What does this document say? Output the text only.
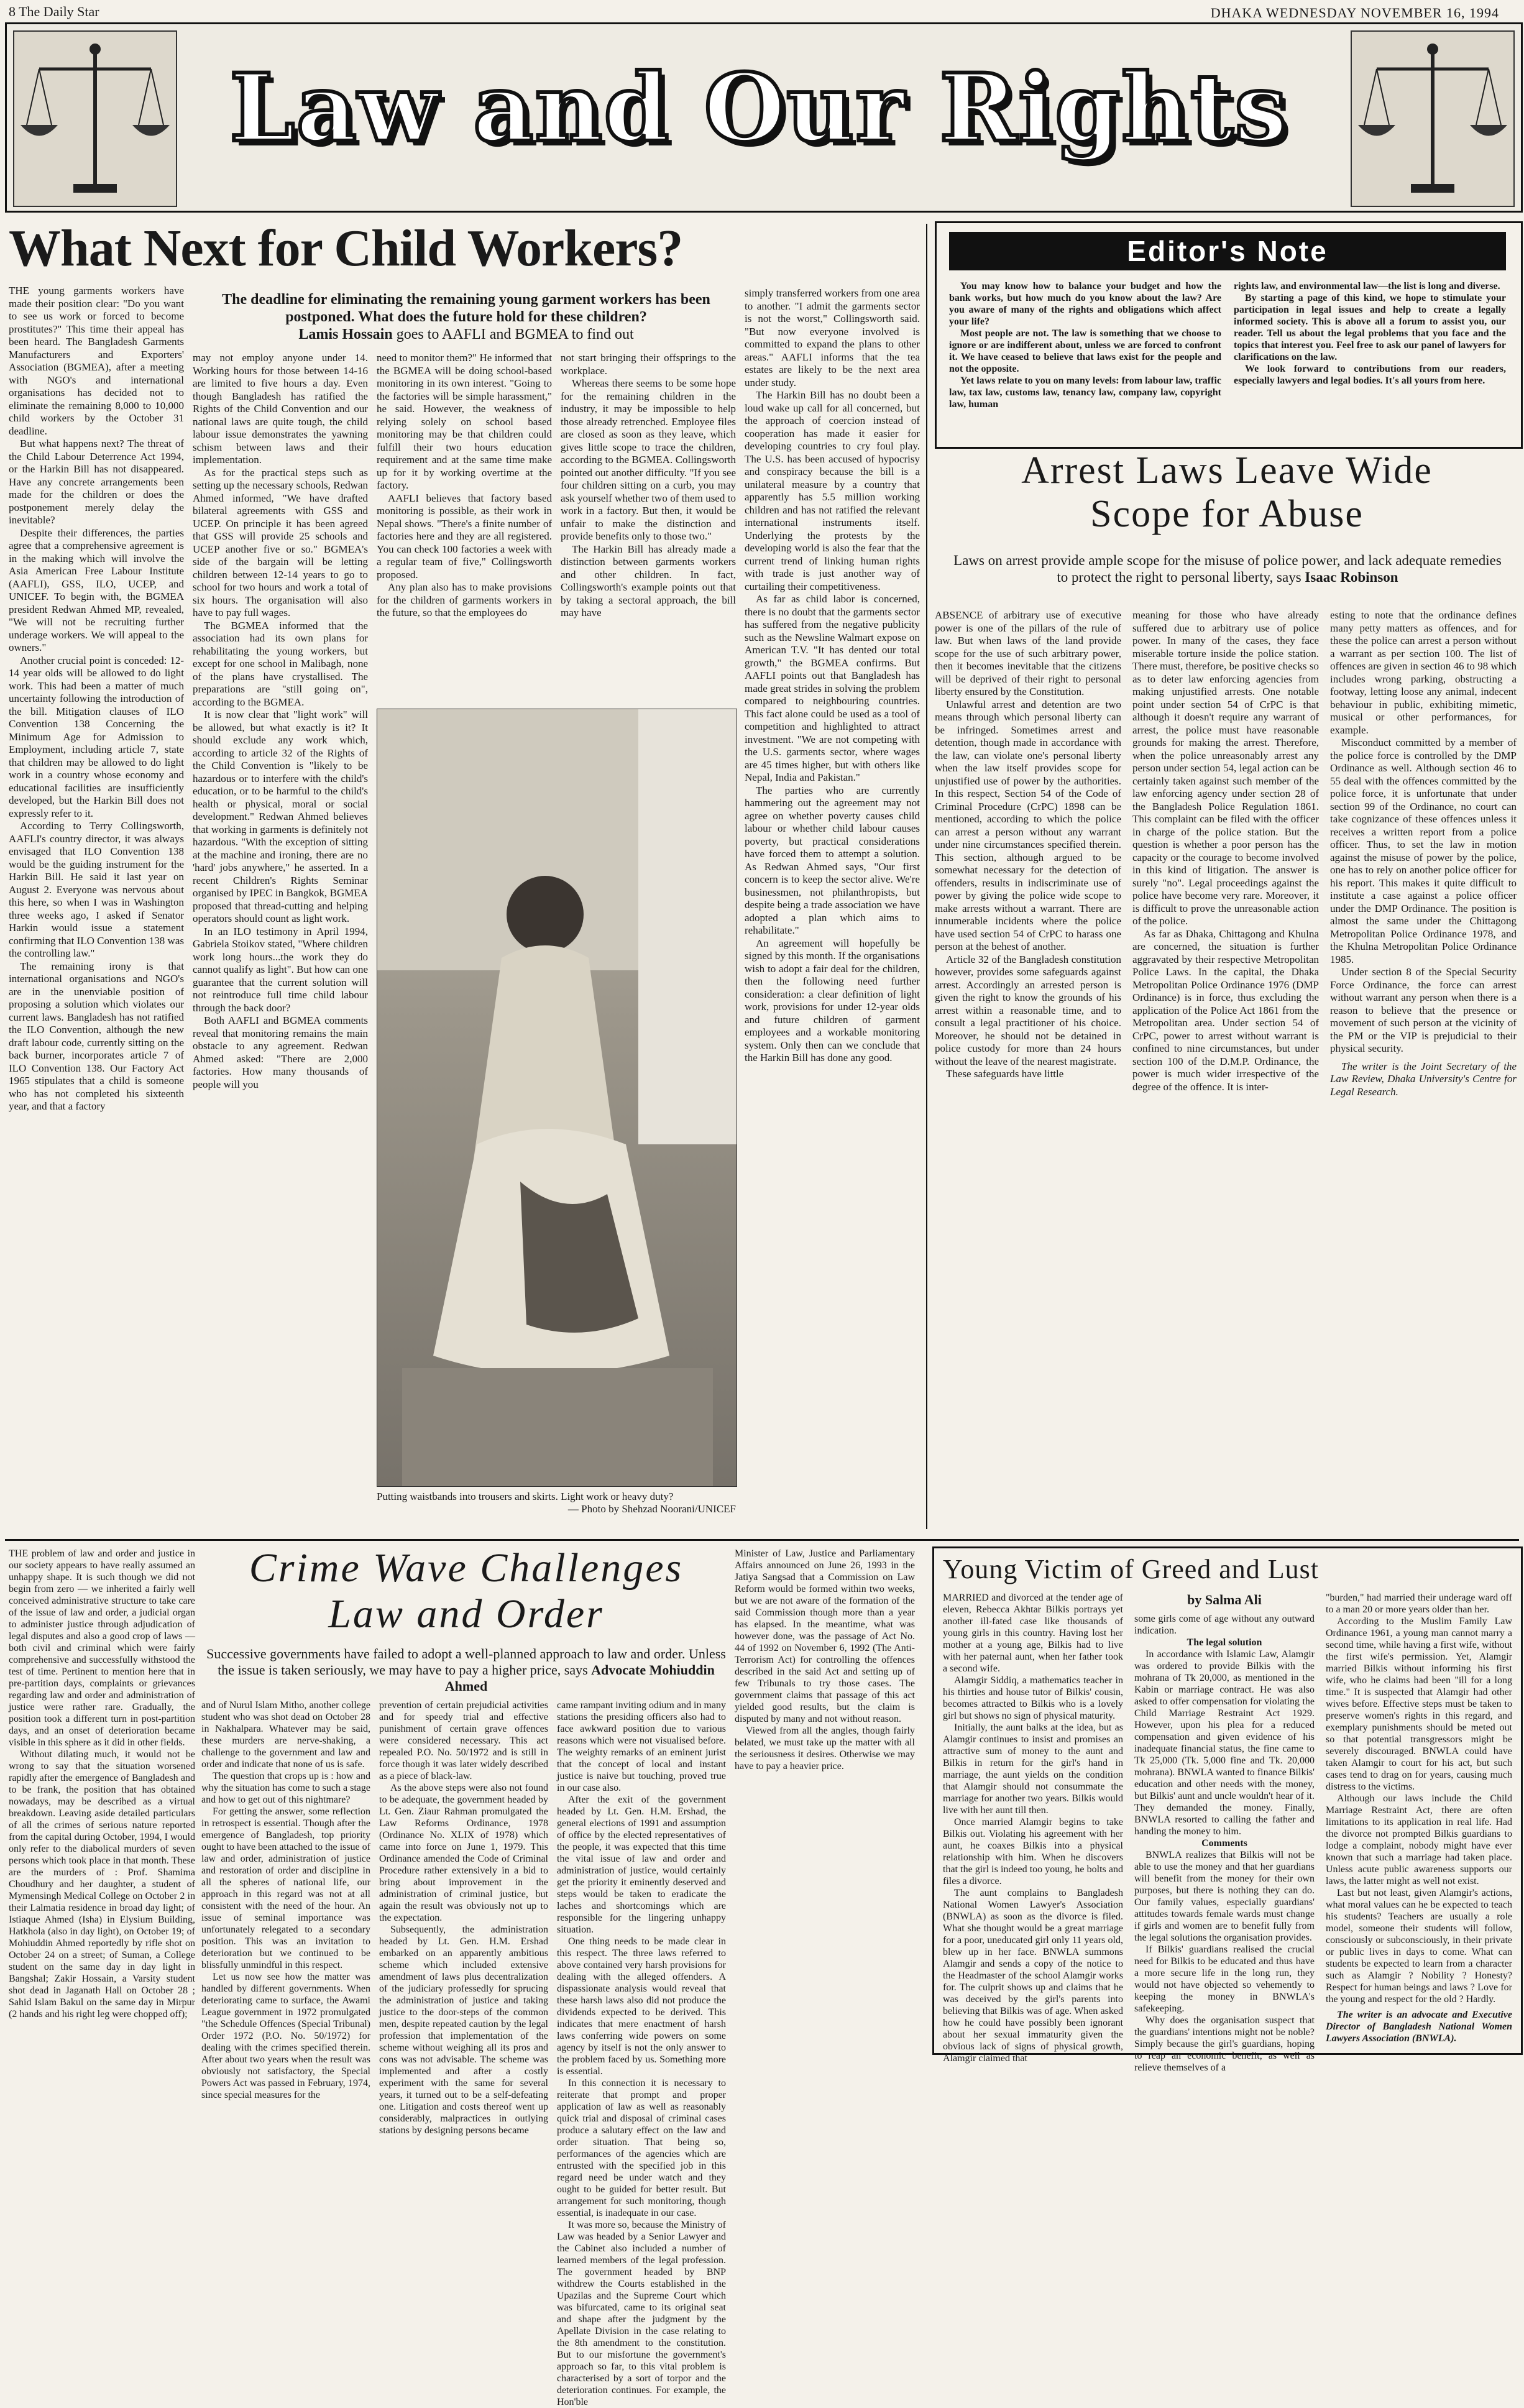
8 The Daily Star	DHAKA WEDNESDAY NOVEMBER 16, 1994
Law and Our Rights
What Next for Child Workers?

THE young garments workers have made their position clear: "Do you want to see us work or forced to become prostitutes?" This time their appeal has been heard. The Bangladesh Garments Manufacturers and Exporters' Association (BGMEA), after a meeting with NGO's and international organisations has decided not to eliminate the remaining 8,000 to 10,000 child workers by the October 31 deadline.

But what happens next? The threat of the Child Labour Deterrence Act 1994, or the Harkin Bill has not disappeared. Have any concrete arrangements been made for the children or does the postponement merely delay the inevitable?

Despite their differences, the parties agree that a comprehensive agreement is in the making which will involve the Asia American Free Labour Institute (AAFLI), GSS, ILO, UCEP, and UNICEF. To begin with, the BGMEA president Redwan Ahmed MP, revealed, "We will not be recruiting further underage workers. We will appeal to the owners."

Another crucial point is conceded: 12-14 year olds will be allowed to do light work. This had been a matter of much uncertainty following the introduction of the bill. Mitigation clauses of ILO Convention 138 Concerning the Minimum Age for Admission to Employment, including article 7, state that children may be allowed to do light work in a country whose economy and educational facilities are insufficiently developed, but the Harkin Bill does not expressly refer to it.

According to Terry Collingsworth, AAFLI's country director, it was always envisaged that ILO Convention 138 would be the guiding instrument for the Harkin Bill. He said it last year on August 2. Everyone was nervous about this here, so when I was in Washington three weeks ago, I asked if Senator Harkin would issue a statement confirming that ILO Convention 138 was the controlling law."

The remaining irony is that international organisations and NGO's are in the unenviable position of proposing a solution which violates our current laws. Bangladesh has not ratified the ILO Convention, although the new draft labour code, currently sitting on the back burner, incorporates article 7 of ILO Convention 138. Our Factory Act 1965 stipulates that a child is someone who has not completed his sixteenth year, and that a factory

The deadline for eliminating the remaining young garment workers has been postponed. What does the future hold for these children?
Lamis Hossain goes to AAFLI and BGMEA to find out

may not employ anyone under 14. Working hours for those between 14-16 are limited to five hours a day. Even though Bangladesh has ratified the Rights of the Child Convention and our national laws are quite tough, the child labour issue demonstrates the yawning schism between laws and their implementation.

As for the practical steps such as setting up the necessary schools, Redwan Ahmed informed, "We have drafted bilateral agreements with GSS and UCEP. On principle it has been agreed that GSS will provide 25 schools and UCEP another five or so." BGMEA's side of the bargain will be letting children between 12-14 years to go to school for two hours and work a total of six hours. The organisation will also have to pay full wages.

The BGMEA informed that the association had its own plans for rehabilitating the young workers, but except for one school in Malibagh, none of the plans have crystallised. The preparations are "still going on", according to the BGMEA.

It is now clear that "light work" will be allowed, but what exactly is it? It should exclude any work which, according to article 32 of the Rights of the Child Convention is "likely to be hazardous or to interfere with the child's education, or to be harmful to the child's health or physical, moral or social development." Redwan Ahmed believes that working in garments is definitely not hazardous. "With the exception of sitting at the machine and ironing, there are no 'hard' jobs anywhere," he asserted. In a recent Children's Rights Seminar organised by IPEC in Bangkok, BGMEA proposed that thread-cutting and helping operators should count as light work.

In an ILO testimony in April 1994, Gabriela Stoikov stated, "Where children work long hours...the work they do cannot qualify as light". But how can one guarantee that the current solution will not reintroduce full time child labour through the back door?

Both AAFLI and BGMEA comments reveal that monitoring remains the main obstacle to any agreement. Redwan Ahmed asked: "There are 2,000 factories. How many thousands of people will you

need to monitor them?" He informed that the BGMEA will be doing school-based monitoring in its own interest. "Going to the factories will be simple harassment," he said. However, the weakness of relying solely on school based monitoring may be that children could fulfill their two hours education requirement and at the same time make up for it by working overtime at the factory.

AAFLI believes that factory based monitoring is possible, as their work in Nepal shows. "There's a finite number of factories here and they are all registered. You can check 100 factories a week with a regular team of five," Collingsworth proposed.

Any plan also has to make provisions for the children of garments workers in the future, so that the employees do

not start bringing their offsprings to the workplace.

Whereas there seems to be some hope for the remaining children in the industry, it may be impossible to help those already retrenched. Employee files are closed as soon as they leave, which gives little scope to trace the children, according to the BGMEA. Collingsworth pointed out another difficulty. "If you see four children sitting on a curb, you may ask yourself whether two of them used to work in a factory. But then, it would be unfair to make the distinction and provide benefits only to those two."

The Harkin Bill has already made a distinction between garments workers and other children. In fact, Collingsworth's example points out that by taking a sectoral approach, the bill may have

Putting waistbands into trousers and skirts. Light work or heavy duty?
— Photo by Shehzad Noorani/UNICEF

simply transferred workers from one area to another. "I admit the garments sector is not the worst," Collingsworth said. "But now everyone involved is committed to expand the plans to other areas." AAFLI informs that the tea estates are likely to be the next area under study.

The Harkin Bill has no doubt been a loud wake up call for all concerned, but the approach of coercion instead of cooperation has made it easier for developing countries to cry foul play. The U.S. has been accused of hypocrisy and conspiracy because the bill is a unilateral measure by a country that apparently has 5.5 million working children and has not ratified the relevant international instruments itself. Underlying the protests by the developing world is also the fear that the current trend of linking human rights with trade is just another way of curtailing their competitiveness.

As far as child labor is concerned, there is no doubt that the garments sector has suffered from the negative publicity such as the Newsline Walmart expose on American T.V. "It has dented our total growth," the BGMEA confirms. But AAFLI points out that Bangladesh has made great strides in solving the problem compared to neighbouring countries. This fact alone could be used as a tool of competition and highlighted to attract investment. "We are not competing with the U.S. garments sector, where wages are 45 times higher, but with others like Nepal, India and Pakistan."

The parties who are currently hammering out the agreement may not agree on whether poverty causes child labour or whether child labour causes poverty, but practical considerations have forced them to attempt a solution. As Redwan Ahmed says, "Our first concern is to keep the sector alive. We're businessmen, not philanthropists, but despite being a trade association we have adopted a plan which aims to rehabilitate."

An agreement will hopefully be signed by this month. If the organisations wish to adopt a fair deal for the children, then the following need further consideration: a clear definition of light work, provisions for under 12-year olds and future children of garment employees and a workable monitoring system. Only then can we conclude that the Harkin Bill has done any good.

Editor's Note

You may know how to balance your budget and how the bank works, but how much do you know about the law? Are you aware of many of the rights and obligations which affect your life?

Most people are not. The law is something that we choose to ignore or are indifferent about, unless we are forced to confront it. We have ceased to believe that laws exist for the people and not the opposite.

Yet laws relate to you on many levels: from labour law, traffic law, tax law, customs law, tenancy law, company law, copyright law, human

rights law, and environmental law—the list is long and diverse.

By starting a page of this kind, we hope to stimulate your participation in legal issues and help to create a legally informed society. This is above all a forum to assist you, our reader. Tell us about the legal problems that you face and the topics that interest you. Feel free to ask our panel of lawyers for clarifications on the law.

We look forward to contributions from our readers, especially lawyers and legal bodies. It's all yours from here.

Arrest Laws Leave Wide
Scope for Abuse
Laws on arrest provide ample scope for the misuse of police power, and lack adequate remedies to protect the right to personal liberty, says Isaac Robinson

ABSENCE of arbitrary use of executive power is one of the pillars of the rule of law. But when laws of the land provide scope for the use of such arbitrary power, then it becomes inevitable that the citizens will be deprived of their right to personal liberty ensured by the Constitution.

Unlawful arrest and detention are two means through which personal liberty can be infringed. Sometimes arrest and detention, though made in accordance with the law, can violate one's personal liberty when the law itself provides scope for unjustified use of power by the authorities. In this respect, Section 54 of the Code of Criminal Procedure (CrPC) 1898 can be mentioned, according to which the police can arrest a person without any warrant under nine circumstances specified therein. This section, although argued to be somewhat necessary for the detection of offenders, results in indiscriminate use of power by giving the police wide scope to make arrests without a warrant. There are innumerable incidents where the police have used section 54 of CrPC to harass one person at the behest of another.

Article 32 of the Bangladesh constitution however, provides some safeguards against arrest. Accordingly an arrested person is given the right to know the grounds of his arrest within a reasonable time, and to consult a legal practitioner of his choice. Moreover, he should not be detained in police custody for more than 24 hours without the leave of the nearest magistrate.

These safeguards have little

meaning for those who have already suffered due to arbitrary use of police power. In many of the cases, they face miserable torture inside the police station. There must, therefore, be positive checks so as to deter law enforcing agencies from making unjustified arrests. One notable point under section 54 of CrPC is that although it doesn't require any warrant of arrest, the police must have reasonable grounds for making the arrest. Therefore, when the police unreasonably arrest any person under section 54, legal action can be certainly taken against such member of the law enforcing agency under section 28 of the Bangladesh Police Regulation 1861. This complaint can be filed with the officer in charge of the police station. But the question is whether a poor person has the capacity or the courage to become involved in this kind of litigation. The answer is surely "no". Legal proceedings against the police have become very rare. Moreover, it is difficult to prove the unreasonable action of the police.

As far as Dhaka, Chittagong and Khulna are concerned, the situation is further aggravated by their respective Metropolitan Police Laws. In the capital, the Dhaka Metropolitan Police Ordinance 1976 (DMP Ordinance) is in force, thus excluding the application of the Police Act 1861 from the Metropolitan area. Under section 54 of CrPC, power to arrest without warrant is confined to nine circumstances, but under section 100 of the D.M.P. Ordinance, the power is much wider irrespective of the degree of the offence. It is inter-

esting to note that the ordinance defines many petty matters as offences, and for these the police can arrest a person without a warrant as per section 100. The list of offences are given in section 46 to 98 which includes wrong parking, obstructing a footway, letting loose any animal, indecent behaviour in public, exhibiting mimetic, musical or other performances, for example.

Misconduct committed by a member of the police force is controlled by the DMP Ordinance as well. Although section 46 to 55 deal with the offences committed by the police force, it is unfortunate that under section 99 of the Ordinance, no court can take cognizance of these offences unless it receives a written report from a police officer. Thus, to set the law in motion against the misuse of power by the police, one has to rely on another police officer for his report. This makes it quite difficult to institute a case against a police officer under the DMP Ordinance. The position is almost the same under the Chittagong Metropolitan Police Ordinance 1978, and the Khulna Metropolitan Police Ordinance 1985.

Under section 8 of the Special Security Force Ordinance, the force can arrest without warrant any person when there is a reason to believe that the presence or movement of such person at the vicinity of the PM or the VIP is prejudicial to their physical security.

The writer is the Joint Secretary of the Law Review, Dhaka University's Centre for Legal Research.

THE problem of law and order and justice in our society appears to have really assumed an unhappy shape. It is such though we did not begin from zero — we inherited a fairly well conceived administrative structure to take care of the issue of law and order, a judicial organ to administer justice through adjudication of legal disputes and also a good crop of laws — both civil and criminal which were fairly comprehensive and successfully withstood the test of time. Pertinent to mention here that in pre-partition days, complaints or grievances regarding law and order and administration of justice were rather rare. Gradually, the position took a different turn in post-partition days, and an onset of deterioration became visible in this sphere as it did in other fields.

Without dilating much, it would not be wrong to say that the situation worsened rapidly after the emergence of Bangladesh and to be frank, the position that has obtained nowadays, may be described as a virtual breakdown. Leaving aside detailed particulars of all the crimes of serious nature reported from the capital during October, 1994, I would only refer to the diabolical murders of seven persons which took place in that month. These are the murders of : Prof. Shamima Choudhury and her daughter, a student of Mymensingh Medical College on October 2 in their Lalmatia residence in broad day light; of Istiaque Ahmed (Isha) in Elysium Building, Hatkhola (also in day light), on October 19; of Mohiuddin Ahmed reportedly by rifle shot on October 24 on a street; of Suman, a College student on the same day in day light in Bangshal; Zakir Hossain, a Varsity student shot dead in Jaganath Hall on October 28 ; Sahid Islam Bakul on the same day in Mirpur (2 hands and his right leg were chopped off);

Crime Wave Challenges
Law and Order
Successive governments have failed to adopt a well-planned approach to law and order. Unless the issue is taken seriously, we may have to pay a higher price, says Advocate Mohiuddin Ahmed

and of Nurul Islam Mitho, another college student who was shot dead on October 28 in Nakhalpara. Whatever may be said, these murders are nerve-shaking, a challenge to the government and law and order and indicate that none of us is safe.

The question that crops up is : how and why the situation has come to such a stage and how to get out of this nightmare?

For getting the answer, some reflection in retrospect is essential. Though after the emergence of Bangladesh, top priority ought to have been attached to the issue of law and order, administration of justice and restoration of order and discipline in all the spheres of national life, our approach in this regard was not at all consistent with the need of the hour. An issue of seminal importance was unfortunately relegated to a secondary position. This was an invitation to deterioration but we continued to be blissfully unmindful in this respect.

Let us now see how the matter was handled by different governments. When deteriorating came to surface, the Awami League government in 1972 promulgated "the Schedule Offences (Special Tribunal) Order 1972 (P.O. No. 50/1972) for dealing with the crimes specified therein. After about two years when the result was obviously not satisfactory, the Special Powers Act was passed in February, 1974, since special measures for the

prevention of certain prejudicial activities and for speedy trial and effective punishment of certain grave offences were considered necessary. This act repealed P.O. No. 50/1972 and is still in force though it was later widely described as a piece of black-law.

As the above steps were also not found to be adequate, the government headed by Lt. Gen. Ziaur Rahman promulgated the Law Reforms Ordinance, 1978 (Ordinance No. XLIX of 1978) which came into force on June 1, 1979. This Ordinance amended the Code of Criminal Procedure rather extensively in a bid to bring about improvement in the administration of criminal justice, but again the result was obviously not up to the expectation.

Subsequently, the administration headed by Lt. Gen. H.M. Ershad embarked on an apparently ambitious scheme which included extensive amendment of laws plus decentralization of the judiciary professedly for sprucing the administration of justice and taking justice to the door-steps of the common men, despite repeated caution by the legal profession that implementation of the scheme without weighing all its pros and cons was not advisable. The scheme was implemented and after a costly experiment with the same for several years, it turned out to be a self-defeating one. Litigation and costs thereof went up considerably, malpractices in outlying stations by designing persons became

came rampant inviting odium and in many stations the presiding officers also had to face awkward position due to various reasons which were not visualised before. The weighty remarks of an eminent jurist that the concept of local and instant justice is naive but touching, proved true in our case also.

After the exit of the government headed by Lt. Gen. H.M. Ershad, the general elections of 1991 and assumption of office by the elected representatives of the people, it was expected that this time the vital issue of law and order and administration of justice, would certainly get the priority it eminently deserved and steps would be taken to eradicate the laches and shortcomings which are responsible for the lingering unhappy situation.

One thing needs to be made clear in this respect. The three laws referred to above contained very harsh provisions for dealing with the alleged offenders. A dispassionate analysis would reveal that these harsh laws also did not produce the dividends expected to be derived. This indicates that mere enactment of harsh laws conferring wide powers on some agency by itself is not the only answer to the problem faced by us. Something more is essential.

In this connection it is necessary to reiterate that prompt and proper application of law as well as reasonably quick trial and disposal of criminal cases produce a salutary effect on the law and order situation. That being so, performances of the agencies which are entrusted with the specified job in this regard need be under watch and they ought to be guided for better result. But arrangement for such monitoring, though essential, is inadequate in our case.

It was more so, because the Ministry of Law was headed by a Senior Lawyer and the Cabinet also included a number of learned members of the legal profession. The government headed by BNP withdrew the Courts established in the Upazilas and the Supreme Court which was bifurcated, came to its original seat and shape after the judgment by the Apellate Division in the case relating to the 8th amendment to the constitution. But to our misfortune the government's approach so far, to this vital problem is characterised by a sort of torpor and the deterioration continues. For example, the Hon'ble

Minister of Law, Justice and Parliamentary Affairs announced on June 26, 1993 in the Jatiya Sangsad that a Commission on Law Reform would be formed within two weeks, but we are not aware of the formation of the said Commission though more than a year has elapsed. In the meantime, what was however done, was the passage of Act No. 44 of 1992 on November 6, 1992 (The Anti-Terrorism Act) for controlling the offences described in the said Act and setting up of few Tribunals to try those cases. The government claims that passage of this act yielded good results, but the claim is disputed by many and not without reason.

Viewed from all the angles, though fairly belated, we must take up the matter with all the seriousness it desires. Otherwise we may have to pay a heavier price.

Young Victim of Greed and Lust

MARRIED and divorced at the tender age of eleven, Rebecca Akhtar Bilkis portrays yet another ill-fated case like thousands of young girls in this country. Having lost her mother at a young age, Bilkis had to live with her paternal aunt, when her father took a second wife.

Alamgir Siddiq, a mathematics teacher in his thirties and house tutor of Bilkis' cousin, becomes attracted to Bilkis who is a lovely girl but shows no sign of physical maturity.

Initially, the aunt balks at the idea, but as Alamgir continues to insist and promises an attractive sum of money to the aunt and Bilkis in return for the girl's hand in marriage, the aunt yields on the condition that Alamgir should not consummate the marriage for another two years. Bilkis would live with her aunt till then.

Once married Alamgir begins to take Bilkis out. Violating his agreement with her aunt, he coaxes Bilkis into a physical relationship with him. When he discovers that the girl is indeed too young, he bolts and files a divorce.

The aunt complains to Bangladesh National Women Lawyer's Association (BNWLA) as soon as the divorce is filed. What she thought would be a great marriage for a poor, uneducated girl only 11 years old, blew up in her face. BNWLA summons Alamgir and sends a copy of the notice to the Headmaster of the school Alamgir works for. The culprit shows up and claims that he was deceived by the girl's parents into believing that Bilkis was of age. When asked how he could have possibly been ignorant about her sexual immaturity given the obvious lack of signs of physical growth, Alamgir claimed that

by Salma Ali

some girls come of age without any outward indication.

The legal solution

In accordance with Islamic Law, Alamgir was ordered to provide Bilkis with the mohrana of Tk 20,000, as mentioned in the Kabin or marriage contract. He was also asked to offer compensation for violating the Child Marriage Restraint Act 1929. However, upon his plea for a reduced compensation and given evidence of his inadequate financial status, the fine came to Tk 25,000 (Tk. 5,000 fine and Tk. 20,000 mohrana). BNWLA wanted to finance Bilkis' education and other needs with the money, but Bilkis' aunt and uncle wouldn't hear of it. They demanded the money. Finally, BNWLA resorted to calling the father and handing the money to him.

Comments

BNWLA realizes that Bilkis will not be able to use the money and that her guardians will benefit from the money for their own purposes, but there is nothing they can do. Our family values, especially guardians' attitudes towards female wards must change if girls and women are to benefit fully from the legal solutions the organisation provides.

If Bilkis' guardians realised the crucial need for Bilkis to be educated and thus have a more secure life in the long run, they would not have objected so vehemently to keeping the money in BNWLA's safekeeping.

Why does the organisation suspect that the guardians' intentions might not be noble? Simply because the girl's guardians, hoping to reap an economic benefit, as well as relieve themselves of a

"burden," had married their underage ward off to a man 20 or more years older than her.

According to the Muslim Family Law Ordinance 1961, a young man cannot marry a second time, while having a first wife, without the first wife's permission. Yet, Alamgir married Bilkis without informing his first wife, who he claims had been "ill for a long time." It is suspected that Alamgir had other wives before. Effective steps must be taken to preserve women's rights in this regard, and exemplary punishments should be meted out so that potential transgressors might be severely discouraged. BNWLA could have taken Alamgir to court for his act, but such cases tend to drag on for years, causing much distress to the victims.

Although our laws include the Child Marriage Restraint Act, there are often limitations to its application in real life. Had the divorce not prompted Bilkis guardians to lodge a complaint, nobody might have ever known that such a marriage had taken place. Unless acute public awareness supports our laws, the latter might as well not exist.

Last but not least, given Alamgir's actions, what moral values can he be expected to teach his students? Teachers are usually a role model, someone their students will follow, consciously or subconsciously, in their private or public lives in days to come. What can students be expected to learn from a character such as Alamgir ? Nobility ? Honesty? Respect for human beings and laws ? Love for the young and respect for the old ? Hardly.

The writer is an advocate and Executive Director of Bangladesh National Women Lawyers Association (BNWLA).
